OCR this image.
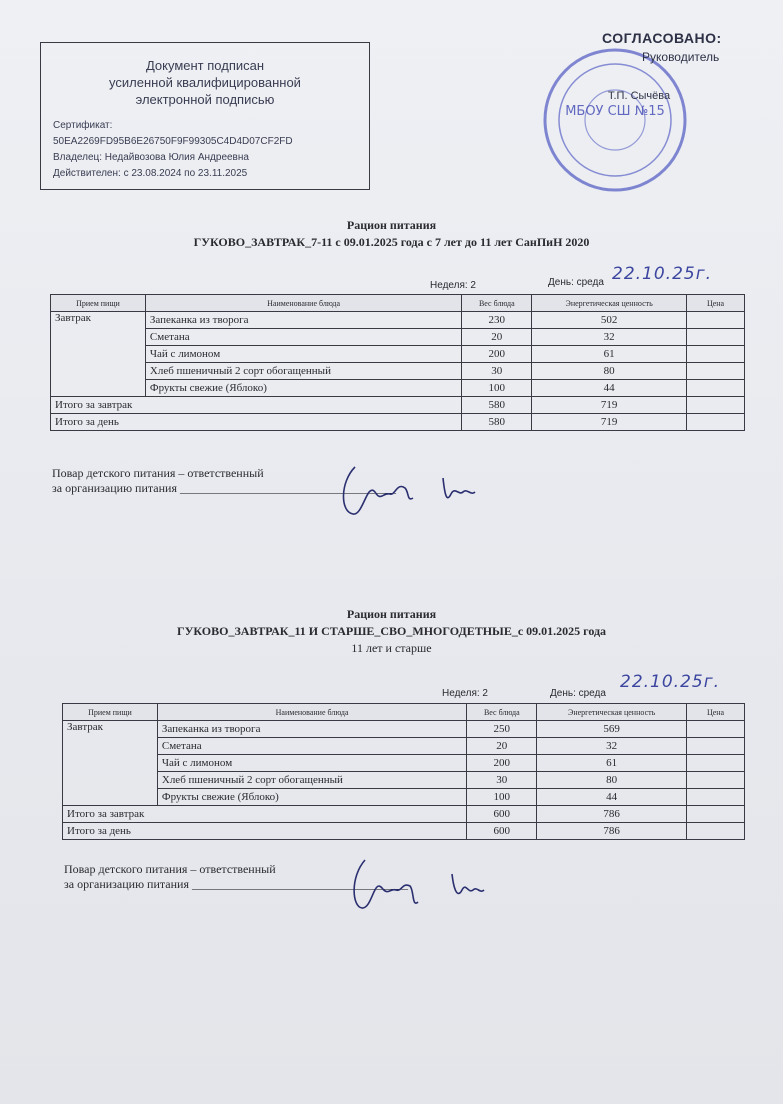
Документ подписан
усиленной квалифицированной
электронной подписью
Сертификат:
50EA2269FD95B6E26750F9F99305C4D4D07CF2FD
Владелец: Недайвозова Юлия Андреевна
Действителен: с 23.08.2024 по 23.11.2025
МБОУ СШ №15
СОГЛАСОВАНО:
Руководитель
Т.П. Сычёва
Рацион питания
ГУКОВО_ЗАВТРАК_7-11 с 09.01.2025 года с 7 лет до 11 лет СанПиН 2020
Неделя: 2	День: среда 22.10.25г.
Прием пищи	Наименование блюда	Вес блюда	Энергетическая ценность	Цена
Завтрак	Запеканка из творога	230	502	
	Сметана	20	32	
	Чай с лимоном	200	61	
	Хлеб пшеничный 2 сорт обогащенный	30	80	
	Фрукты свежие (Яблоко)	100	44	
Итого за завтрак		580	719	
Итого за день		580	719	
Повар детского питания – ответственный
за организацию питания ____________________________________
Рацион питания
ГУКОВО_ЗАВТРАК_11 И СТАРШЕ_СВО_МНОГОДЕТНЫЕ_с 09.01.2025 года
11 лет и старше
Неделя: 2	День: среда
22.10.25г.
Прием пищи	Наименование блюда	Вес блюда	Энергетическая ценность	Цена
Завтрак	Запеканка из творога	250	569	
	Сметана	20	32	
	Чай с лимоном	200	61	
	Хлеб пшеничный 2 сорт обогащенный	30	80	
	Фрукты свежие (Яблоко)	100	44	
Итого за завтрак		600	786	
Итого за день		600	786	
Повар детского питания – ответственный
за организацию питания ____________________________________
